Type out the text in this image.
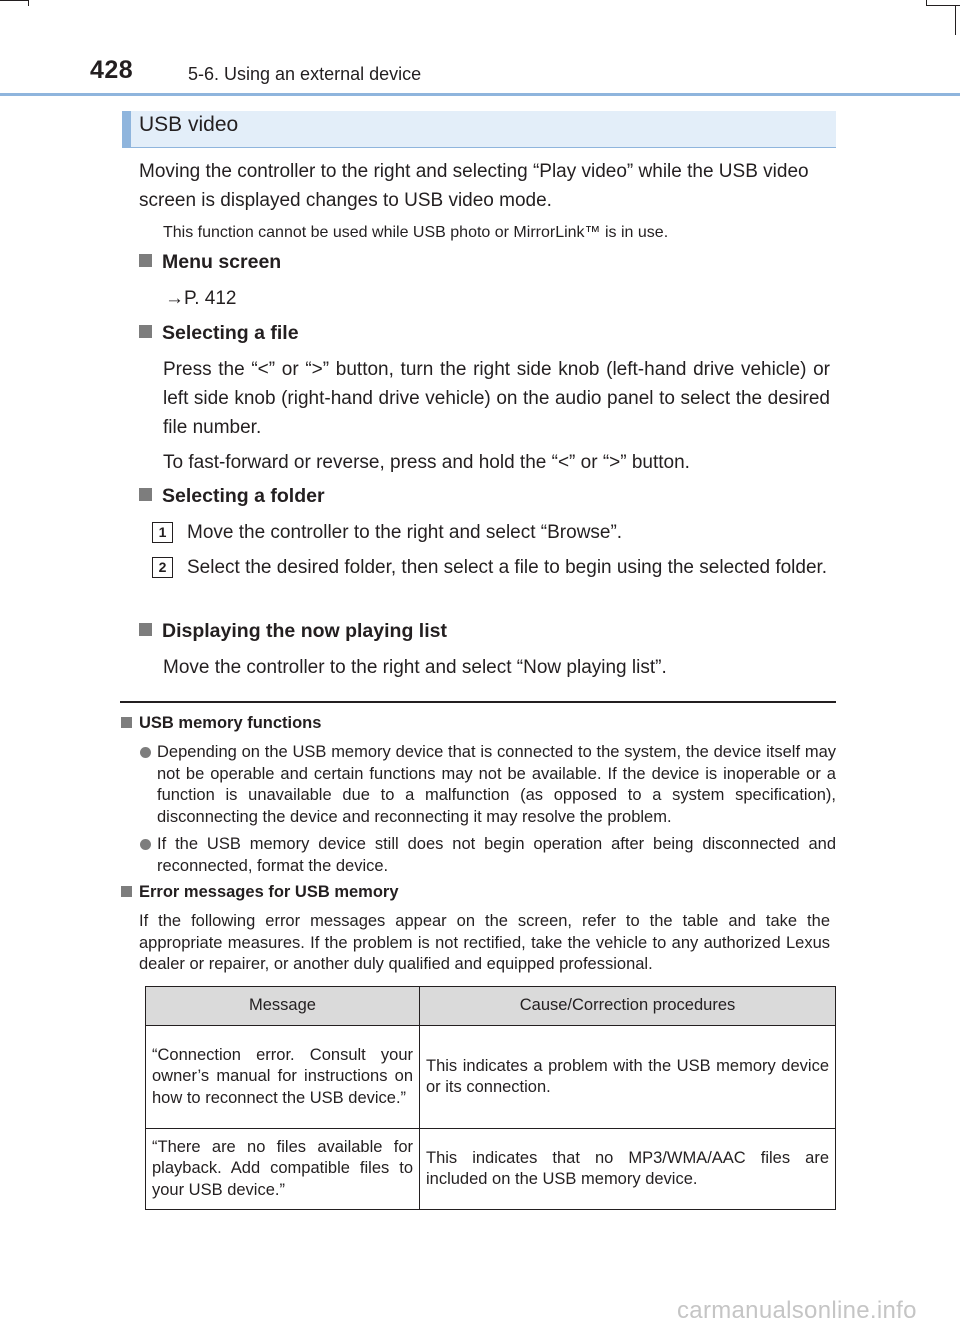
428	5-6. Using an external device
USB video
Moving the controller to the right and selecting “Play video” while the USB video
screen is displayed changes to USB video mode.
This function cannot be used while USB photo or MirrorLink™ is in use.
Menu screen
→P. 412
Selecting a file
Press the “<” or “>” button, turn the right side knob (left-hand drive vehicle) or left side knob (right-hand drive vehicle) on the audio panel to select the desired file number.
To fast-forward or reverse, press and hold the “<” or “>” button.
Selecting a folder
1	Move the controller to the right and select “Browse”.
2	Select the desired folder, then select a file to begin using the selected folder.
Displaying the now playing list
Move the controller to the right and select “Now playing list”.
USB memory functions
Depending on the USB memory device that is connected to the system, the device itself may not be operable and certain functions may not be available. If the device is inoperable or a function is unavailable due to a malfunction (as opposed to a system specification), disconnecting the device and reconnecting it may resolve the problem.
If the USB memory device still does not begin operation after being disconnected and reconnected, format the device.
Error messages for USB memory
If the following error messages appear on the screen, refer to the table and take the appropriate measures. If the problem is not rectified, take the vehicle to any authorized Lexus dealer or repairer, or another duly qualified and equipped professional.
Message	Cause/Correction procedures
“Connection error. Consult your owner’s manual for instructions on how to reconnect the USB device.”	This indicates a problem with the USB memory device or its connection.
“There are no files available for playback. Add compatible files to your USB device.”	This indicates that no MP3/WMA/AAC files are included on the USB memory device.
carmanualsonline.info
